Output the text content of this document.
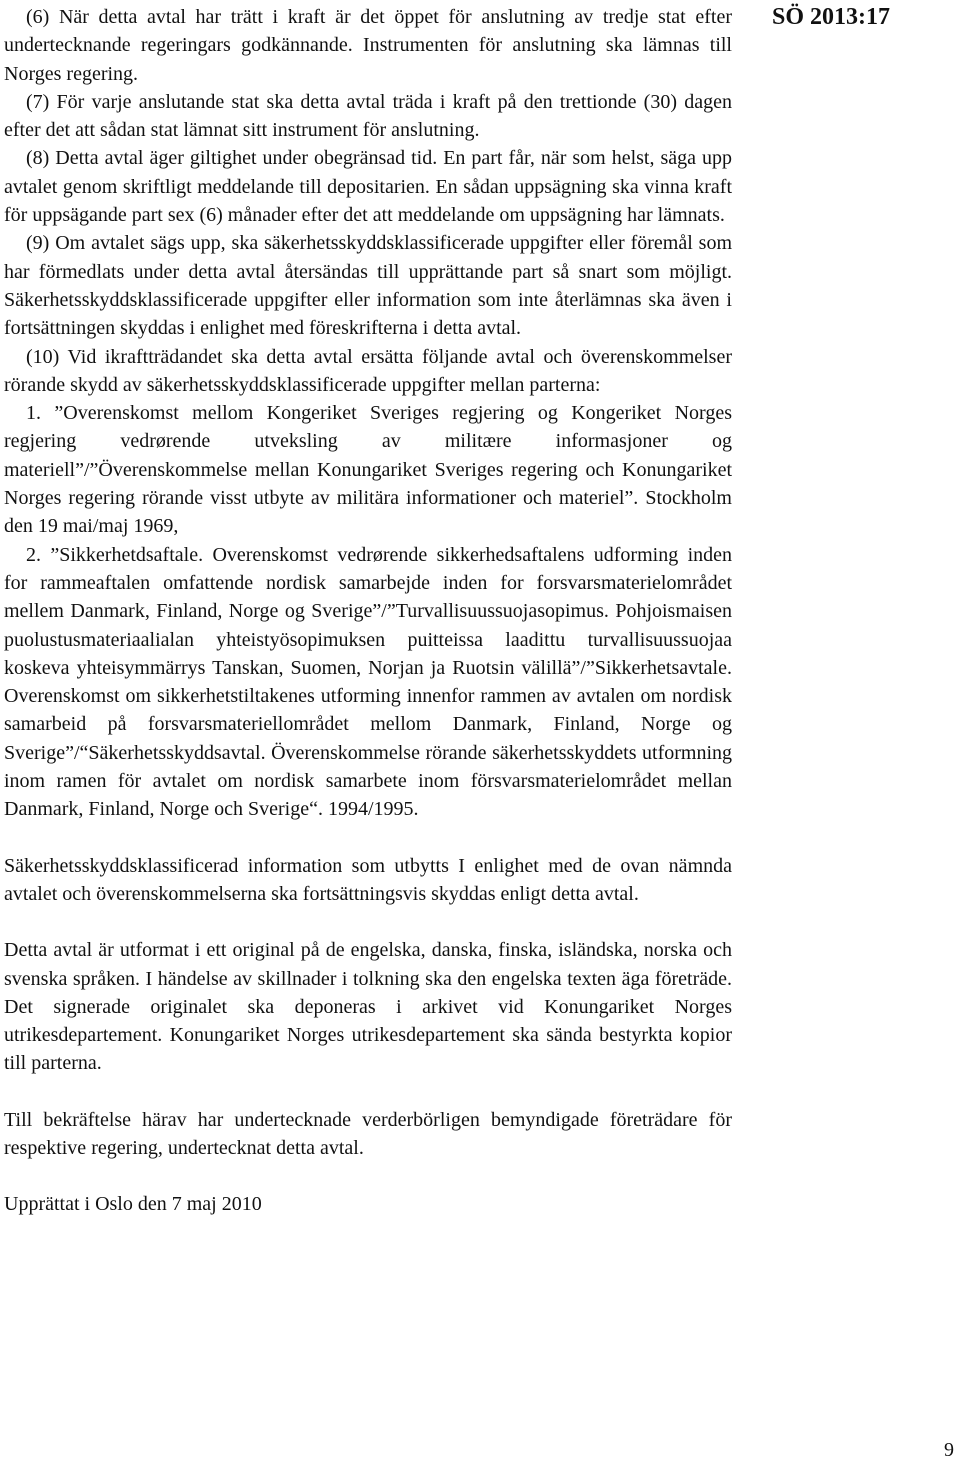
SÖ 2013:17

(6) När detta avtal har trätt i kraft är det öppet för anslutning av tredje stat efter undertecknande regeringars godkännande. Instrumenten för anslutning ska lämnas till Norges regering.

(7) För varje anslutande stat ska detta avtal träda i kraft på den trettionde (30) dagen efter det att sådan stat lämnat sitt instrument för anslutning.

(8) Detta avtal äger giltighet under obegränsad tid. En part får, när som helst, säga upp avtalet genom skriftligt meddelande till depositarien. En sådan uppsägning ska vinna kraft för uppsägande part sex (6) månader efter det att meddelande om uppsägning har lämnats.

(9) Om avtalet sägs upp, ska säkerhetsskyddsklassificerade uppgifter eller föremål som har förmedlats under detta avtal återsändas till upprättande part så snart som möjligt. Säkerhetsskyddsklassificerade uppgifter eller information som inte återlämnas ska även i fortsättningen skyddas i enlighet med föreskrifterna i detta avtal.

(10) Vid ikraftträdandet ska detta avtal ersätta följande avtal och överenskommelser rörande skydd av säkerhetsskyddsklassificerade uppgifter mellan parterna:

1. ”Overenskomst mellom Kongeriket Sveriges regjering og Kongeriket Norges regjering vedrørende utveksling av militære informasjoner og materiell”/”Överenskommelse mellan Konungariket Sveriges regering och Konungariket Norges regering rörande visst utbyte av militära informationer och materiel”. Stockholm den 19 mai/maj 1969,

2. ”Sikkerhetdsaftale. Overenskomst vedrørende sikkerhedsaftalens udforming inden for rammeaftalen omfattende nordisk samarbejde inden for forsvarsmaterielområdet mellem Danmark, Finland, Norge og Sverige”/”Turvallisuussuojasopimus. Pohjoismaisen puolustusmateriaalialan yhteistyösopimuksen puitteissa laadittu turvallisuussuojaa koskeva yhteisymmärrys Tanskan, Suomen, Norjan ja Ruotsin välillä”/”Sikkerhetsavtale. Overenskomst om sikkerhetstiltakenes utforming innenfor rammen av avtalen om nordisk samarbeid på forsvarsmateriellområdet mellom Danmark, Finland, Norge og Sverige”/“Säkerhetsskyddsavtal. Överenskommelse rörande säkerhetsskyddets utformning inom ramen för avtalet om nordisk samarbete inom försvarsmaterielområdet mellan Danmark, Finland, Norge och Sverige“. 1994/1995.

Säkerhetsskyddsklassificerad information som utbytts I enlighet med de ovan nämnda avtalet och överenskommelserna ska fortsättningsvis skyddas enligt detta avtal.

Detta avtal är utformat i ett original på de engelska, danska, finska, isländska, norska och svenska språken. I händelse av skillnader i tolkning ska den engelska texten äga företräde. Det signerade originalet ska deponeras i arkivet vid Konungariket Norges utrikesdepartement. Konungariket Norges utrikesdepartement ska sända bestyrkta kopior till parterna.

Till bekräftelse härav har undertecknade verderbörligen bemyndigade företrädare för respektive regering, undertecknat detta avtal.

Upprättat i Oslo den 7 maj 2010

9
